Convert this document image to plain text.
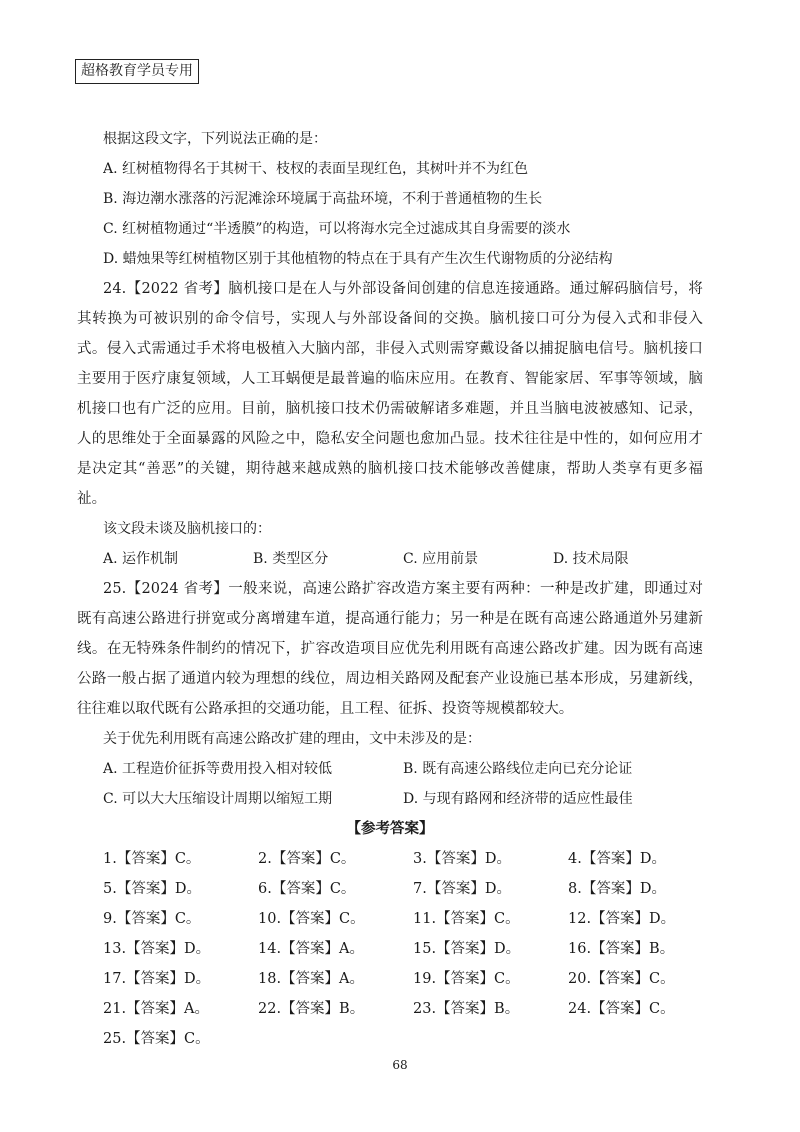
超格教育学员专用
根据这段文字，下列说法正确的是：
A. 红树植物得名于其树干、枝杈的表面呈现红色，其树叶并不为红色
B. 海边潮水涨落的污泥滩涂环境属于高盐环境，不利于普通植物的生长
C. 红树植物通过“半透膜”的构造，可以将海水完全过滤成其自身需要的淡水
D. 蜡烛果等红树植物区别于其他植物的特点在于具有产生次生代谢物质的分泌结构
24.【2022 省考】脑机接口是在人与外部设备间创建的信息连接通路。通过解码脑信号，将其转换为可被识别的命令信号，实现人与外部设备间的交换。脑机接口可分为侵入式和非侵入式。侵入式需通过手术将电极植入大脑内部，非侵入式则需穿戴设备以捕捉脑电信号。脑机接口主要用于医疗康复领域，人工耳蜗便是最普遍的临床应用。在教育、智能家居、军事等领域，脑机接口也有广泛的应用。目前，脑机接口技术仍需破解诸多难题，并且当脑电波被感知、记录，人的思维处于全面暴露的风险之中，隐私安全问题也愈加凸显。技术往往是中性的，如何应用才是决定其“善恶”的关键，期待越来越成熟的脑机接口技术能够改善健康，帮助人类享有更多福祉。
该文段未谈及脑机接口的：
A. 运作机制	B. 类型区分	C. 应用前景	D. 技术局限
25.【2024 省考】一般来说，高速公路扩容改造方案主要有两种：一种是改扩建，即通过对既有高速公路进行拼宽或分离增建车道，提高通行能力；另一种是在既有高速公路通道外另建新线。在无特殊条件制约的情况下，扩容改造项目应优先利用既有高速公路改扩建。因为既有高速公路一般占据了通道内较为理想的线位，周边相关路网及配套产业设施已基本形成，另建新线，往往难以取代既有公路承担的交通功能，且工程、征拆、投资等规模都较大。
关于优先利用既有高速公路改扩建的理由，文中未涉及的是：
A. 工程造价征拆等费用投入相对较低	B. 既有高速公路线位走向已充分论证
C. 可以大大压缩设计周期以缩短工期	D. 与现有路网和经济带的适应性最佳
【参考答案】
1.【答案】C。	2.【答案】C。	3.【答案】D。	4.【答案】D。
5.【答案】D。	6.【答案】C。	7.【答案】D。	8.【答案】D。
9.【答案】C。	10.【答案】C。	11.【答案】C。	12.【答案】D。
13.【答案】D。	14.【答案】A。	15.【答案】D。	16.【答案】B。
17.【答案】D。	18.【答案】A。	19.【答案】C。	20.【答案】C。
21.【答案】A。	22.【答案】B。	23.【答案】B。	24.【答案】C。
25.【答案】C。
68
